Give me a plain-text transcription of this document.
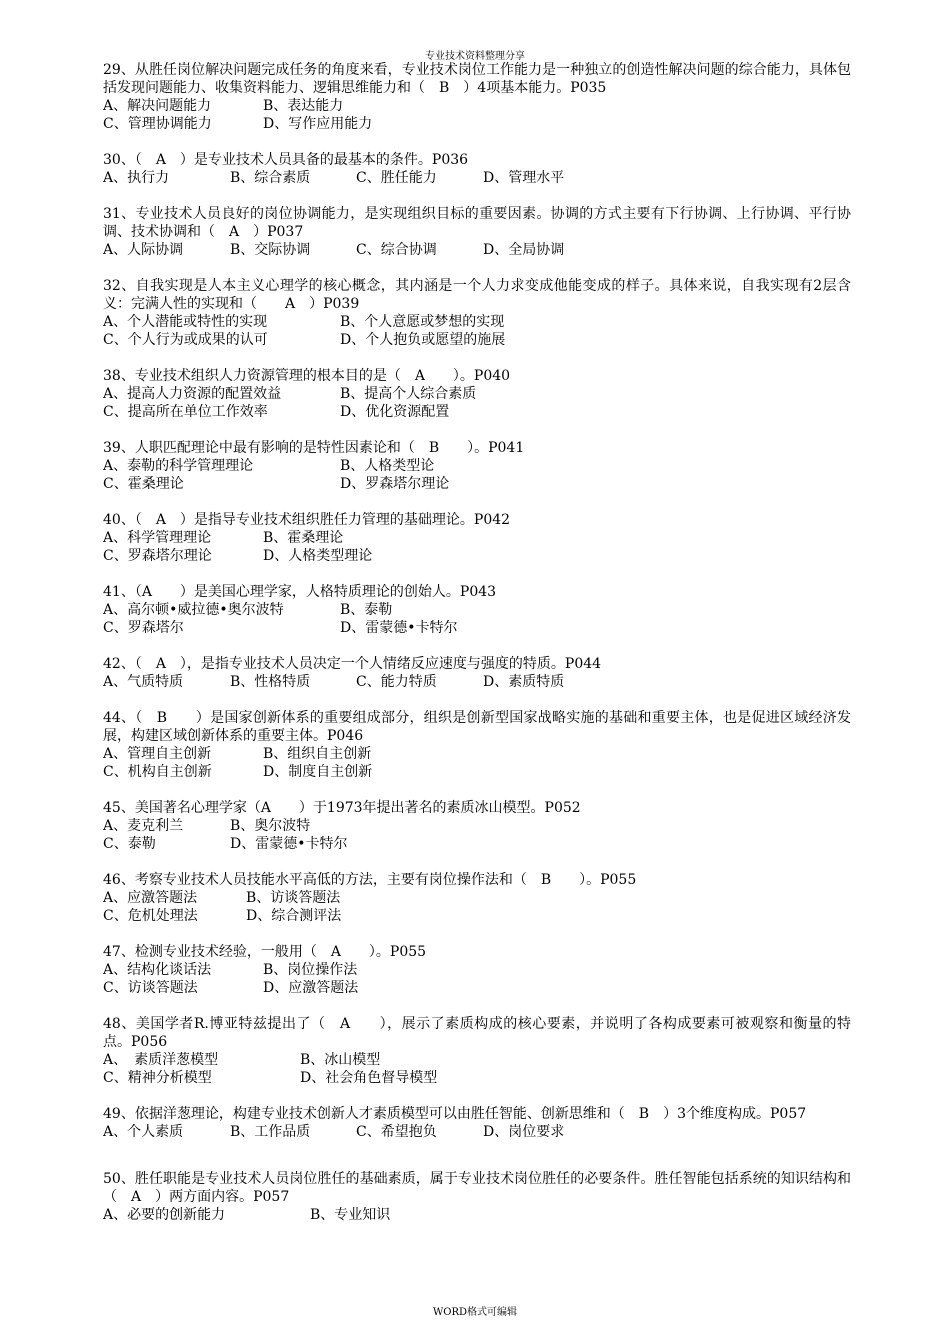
专业技术资料整理分享
29、从胜任岗位解决问题完成任务的角度来看，专业技术岗位工作能力是一种独立的创造性解决问题的综合能力，具体包括发现问题能力、收集资料能力、逻辑思维能力和（　B　）4项基本能力。P035
A、解决问题能力	B、表达能力
C、管理协调能力	D、写作应用能力
30、（　A　）是专业技术人员具备的最基本的条件。P036
A、执行力	B、综合素质	C、胜任能力	D、管理水平
31、专业技术人员良好的岗位协调能力，是实现组织目标的重要因素。协调的方式主要有下行协调、上行协调、平行协调、技术协调和（　A　）P037
A、人际协调	B、交际协调	C、综合协调	D、全局协调
32、自我实现是人本主义心理学的核心概念，其内涵是一个人力求变成他能变成的样子。具体来说，自我实现有2层含义：完满人性的实现和（　　A　）P039
A、个人潜能或特性的实现	B、个人意愿或梦想的实现
C、个人行为或成果的认可	D、个人抱负或愿望的施展
38、专业技术组织人力资源管理的根本目的是（　A　　）。P040
A、提高人力资源的配置效益	B、提高个人综合素质
C、提高所在单位工作效率	D、优化资源配置
39、人职匹配理论中最有影响的是特性因素论和（　B　　）。P041
A、泰勒的科学管理理论	B、人格类型论
C、霍桑理论	D、罗森塔尔理论
40、（　A　）是指导专业技术组织胜任力管理的基础理论。P042
A、科学管理理论	B、霍桑理论
C、罗森塔尔理论	D、人格类型理论
41、（A　　）是美国心理学家，人格特质理论的创始人。P043
A、高尔顿•威拉德•奥尔波特	B、泰勒
C、罗森塔尔	D、雷蒙德•卡特尔
42、（　A　），是指专业技术人员决定一个人情绪反应速度与强度的特质。P044
A、气质特质	B、性格特质	C、能力特质	D、素质特质
44、（　B　　）是国家创新体系的重要组成部分，组织是创新型国家战略实施的基础和重要主体，也是促进区域经济发展，构建区域创新体系的重要主体。P046
A、管理自主创新	B、组织自主创新
C、机构自主创新	D、制度自主创新
45、美国著名心理学家（A　　）于1973年提出著名的素质冰山模型。P052
A、麦克利兰	B、奥尔波特
C、泰勒	D、雷蒙德•卡特尔
46、考察专业技术人员技能水平高低的方法，主要有岗位操作法和（　B　　）。P055
A、应激答题法	B、访谈答题法
C、危机处理法	D、综合测评法
47、检测专业技术经验，一般用（　A　　）。P055
A、结构化谈话法	B、岗位操作法
C、访谈答题法	D、应激答题法
48、美国学者R.博亚特兹提出了（　A　　），展示了素质构成的核心要素，并说明了各构成要素可被观察和衡量的特点。P056
A、　素质洋葱模型	B、冰山模型
C、精神分析模型	D、社会角色督导模型
49、依据洋葱理论，构建专业技术创新人才素质模型可以由胜任智能、创新思维和（　B　）3个维度构成。P057
A、个人素质	B、工作品质	C、希望抱负	D、岗位要求
50、胜任职能是专业技术人员岗位胜任的基础素质，属于专业技术岗位胜任的必要条件。胜任智能包括系统的知识结构和（　A　）两方面内容。P057
A、必要的创新能力	B、专业知识
WORD格式可编辑
